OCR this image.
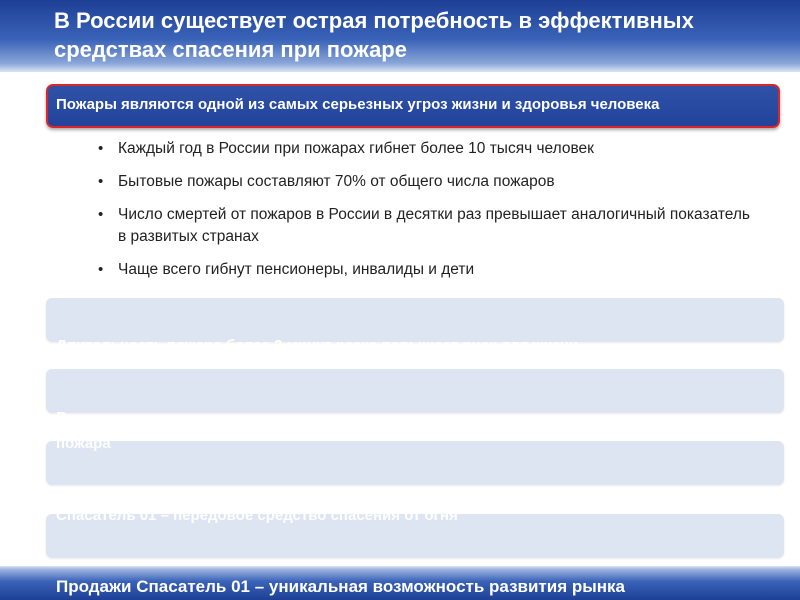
В России существует острая потребность в эффективных средствах спасения при пожаре
Пожары являются одной из самых серьезных угроз жизни и здоровья человека
• Каждый год в России при пожарах гибнет более 10 тысяч человек
• Бытовые пожары составляют 70% от общего числа пожаров
• Число смертей от пожаров в России в десятки раз превышает аналогичный показатель в развитых странах
• Чаще всего гибнут пенсионеры, инвалиды и дети
Длительность пожара более 3 минут резко повышает риск для жизни
В
пожара
Спасатель 01 – передовое средство спасения от огня
Продажи Спасатель 01 – уникальная возможность развития рынка
